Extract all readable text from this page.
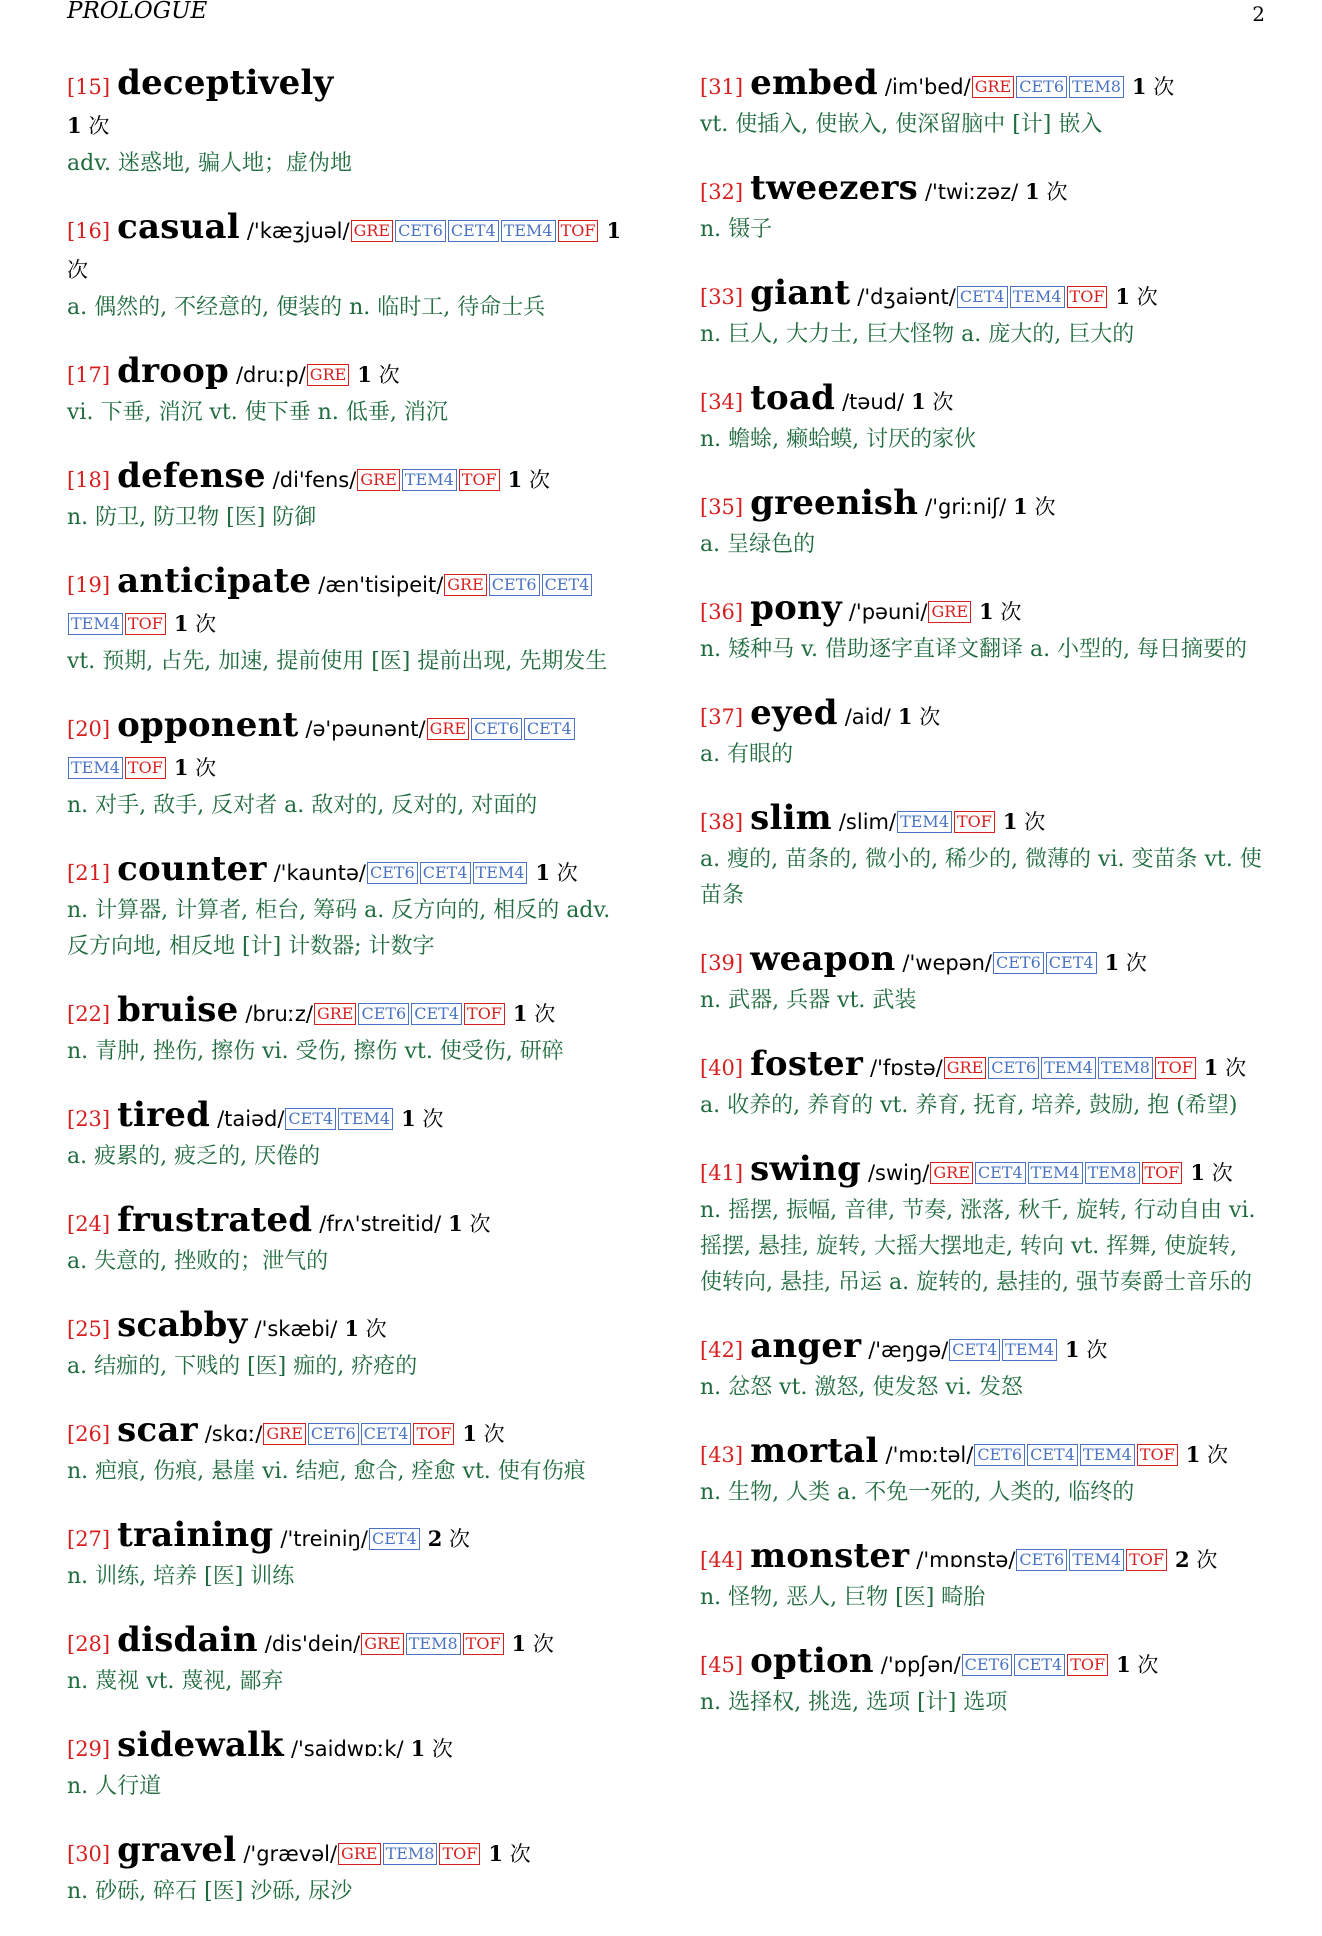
PROLOGUE	2
[15] deceptively
1 次
adv. 迷惑地, 骗人地；虚伪地
[16] casual /'kæʒjuəl/ GRE CET6 CET4 TEM4 TOF 1 次
a. 偶然的, 不经意的, 便装的 n. 临时工, 待命士兵
[17] droop /druːp/ GRE 1 次
vi. 下垂, 消沉 vt. 使下垂 n. 低垂, 消沉
[18] defense /di'fens/ GRE TEM4 TOF 1 次
n. 防卫, 防卫物 [医] 防御
[19] anticipate /æn'tisipeit/ GRE CET6 CET4TEM4 TOF 1 次
vt. 预期, 占先, 加速, 提前使用 [医] 提前出现, 先期发生
[20] opponent /ə'pəunənt/ GRE CET6 CET4TEM4 TOF 1 次
n. 对手, 敌手, 反对者 a. 敌对的, 反对的, 对面的
[21] counter /'kauntə/ CET6 CET4 TEM4 1 次
n. 计算器, 计算者, 柜台, 筹码 a. 反方向的, 相反的 adv. 反方向地, 相反地 [计] 计数器; 计数字
[22] bruise /bruːz/ GRE CET6 CET4 TOF 1 次
n. 青肿, 挫伤, 擦伤 vi. 受伤, 擦伤 vt. 使受伤, 研碎
[23] tired /taiəd/ CET4 TEM4 1 次
a. 疲累的, 疲乏的, 厌倦的
[24] frustrated /frʌ'streitid/ 1 次
a. 失意的, 挫败的；泄气的
[25] scabby /'skæbi/ 1 次
a. 结痂的, 下贱的 [医] 痂的, 疥疮的
[26] scar /skɑː/ GRE CET6 CET4 TOF 1 次
n. 疤痕, 伤痕, 悬崖 vi. 结疤, 愈合, 痊愈 vt. 使有伤痕
[27] training /'treiniŋ/ CET4 2 次
n. 训练, 培养 [医] 训练
[28] disdain /dis'dein/ GRE TEM8 TOF 1 次
n. 蔑视 vt. 蔑视, 鄙弃
[29] sidewalk /'saidwɒːk/ 1 次
n. 人行道
[30] gravel /'grævəl/ GRE TEM8 TOF 1 次
n. 砂砾, 碎石 [医] 沙砾, 尿沙
[31] embed /im'bed/ GRE CET6 TEM8 1 次
vt. 使插入, 使嵌入, 使深留脑中 [计] 嵌入
[32] tweezers /'twiːzəz/ 1 次
n. 镊子
[33] giant /'dʒaiənt/ CET4 TEM4 TOF 1 次
n. 巨人, 大力士, 巨大怪物 a. 庞大的, 巨大的
[34] toad /təud/ 1 次
n. 蟾蜍, 癞蛤蟆, 讨厌的家伙
[35] greenish /'griːniʃ/ 1 次
a. 呈绿色的
[36] pony /'pəuni/ GRE 1 次
n. 矮种马 v. 借助逐字直译文翻译 a. 小型的, 每日摘要的
[37] eyed /aid/ 1 次
a. 有眼的
[38] slim /slim/ TEM4 TOF 1 次
a. 瘦的, 苗条的, 微小的, 稀少的, 微薄的 vi. 变苗条 vt. 使苗条
[39] weapon /'wepən/ CET6 CET4 1 次
n. 武器, 兵器 vt. 武装
[40] foster /'fɒstə/ GRE CET6 TEM4 TEM8 TOF 1 次
a. 收养的, 养育的 vt. 养育, 抚育, 培养, 鼓励, 抱 (希望)
[41] swing /swiŋ/ GRE CET4 TEM4 TEM8 TOF 1 次
n. 摇摆, 振幅, 音律, 节奏, 涨落, 秋千, 旋转, 行动自由 vi. 摇摆, 悬挂, 旋转, 大摇大摆地走, 转向 vt. 挥舞, 使旋转, 使转向, 悬挂, 吊运 a. 旋转的, 悬挂的, 强节奏爵士音乐的
[42] anger /'æŋgə/ CET4 TEM4 1 次
n. 忿怒 vt. 激怒, 使发怒 vi. 发怒
[43] mortal /'mɒːtəl/ CET6 CET4 TEM4 TOF 1 次
n. 生物, 人类 a. 不免一死的, 人类的, 临终的
[44] monster /'mɒnstə/ CET6 TEM4 TOF 2 次
n. 怪物, 恶人, 巨物 [医] 畸胎
[45] option /'ɒpʃən/ CET6 CET4 TOF 1 次
n. 选择权, 挑选, 选项 [计] 选项
